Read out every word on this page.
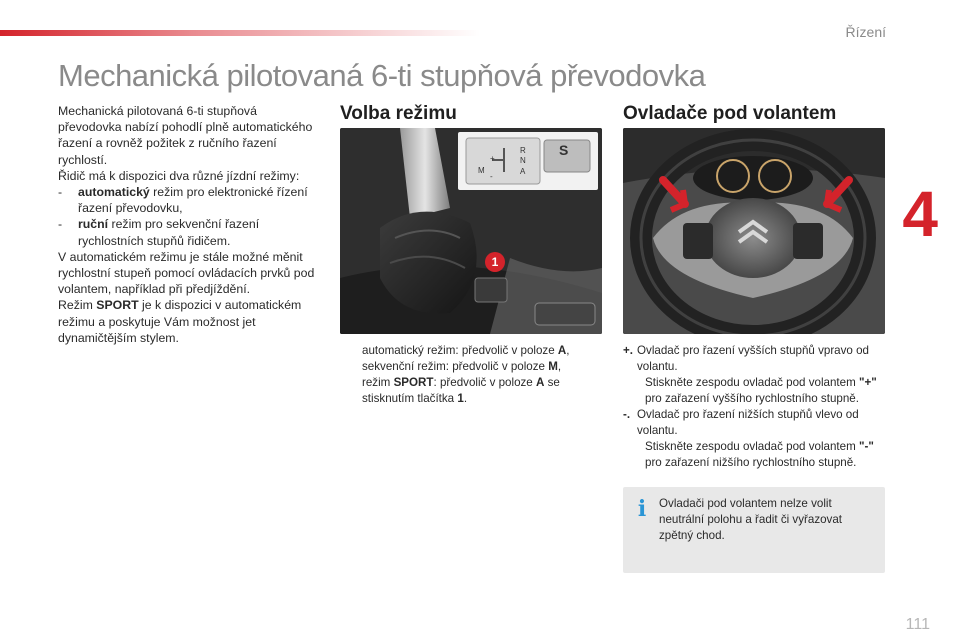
Řízení
4
111
Mechanická pilotovaná 6-ti stupňová převodovka

Mechanická pilotovaná 6-ti stupňová převodovka nabízí pohodlí plně automatického řazení a rovněž požitek z ručního řazení rychlostí.

Řidič má k dispozici dva různé jízdní režimy:

-	automatický režim pro elektronické řízení řazení převodovku,
-	ruční režim pro sekvenční řazení rychlostních stupňů řidičem.

V automatickém režimu je stále možné měnit rychlostní stupeň pomocí ovládacích prvků pod volantem, například při předjíždění.

Režim SPORT je k dispozici v automatickém režimu a poskytuje Vám možnost jet dynamičtějším stylem.

Volba režimu
R
N
A
M
+
-
S
1
automatický režim: předvolič v poloze A,
sekvenční režim: předvolič v poloze M,
režim SPORT: předvolič v poloze A se stisknutím tlačítka 1.
Ovladače pod volantem
+. Ovladač pro řazení vyšších stupňů vpravo od volantu.
Stiskněte zespodu ovladač pod volantem "+" pro zařazení vyššího rychlostního stupně.
-. Ovladač pro řazení nižších stupňů vlevo od volantu.
Stiskněte zespodu ovladač pod volantem "-" pro zařazení nižšího rychlostního stupně.
i	Ovladači pod volantem nelze volit neutrální polohu a řadit či vyřazovat zpětný chod.
